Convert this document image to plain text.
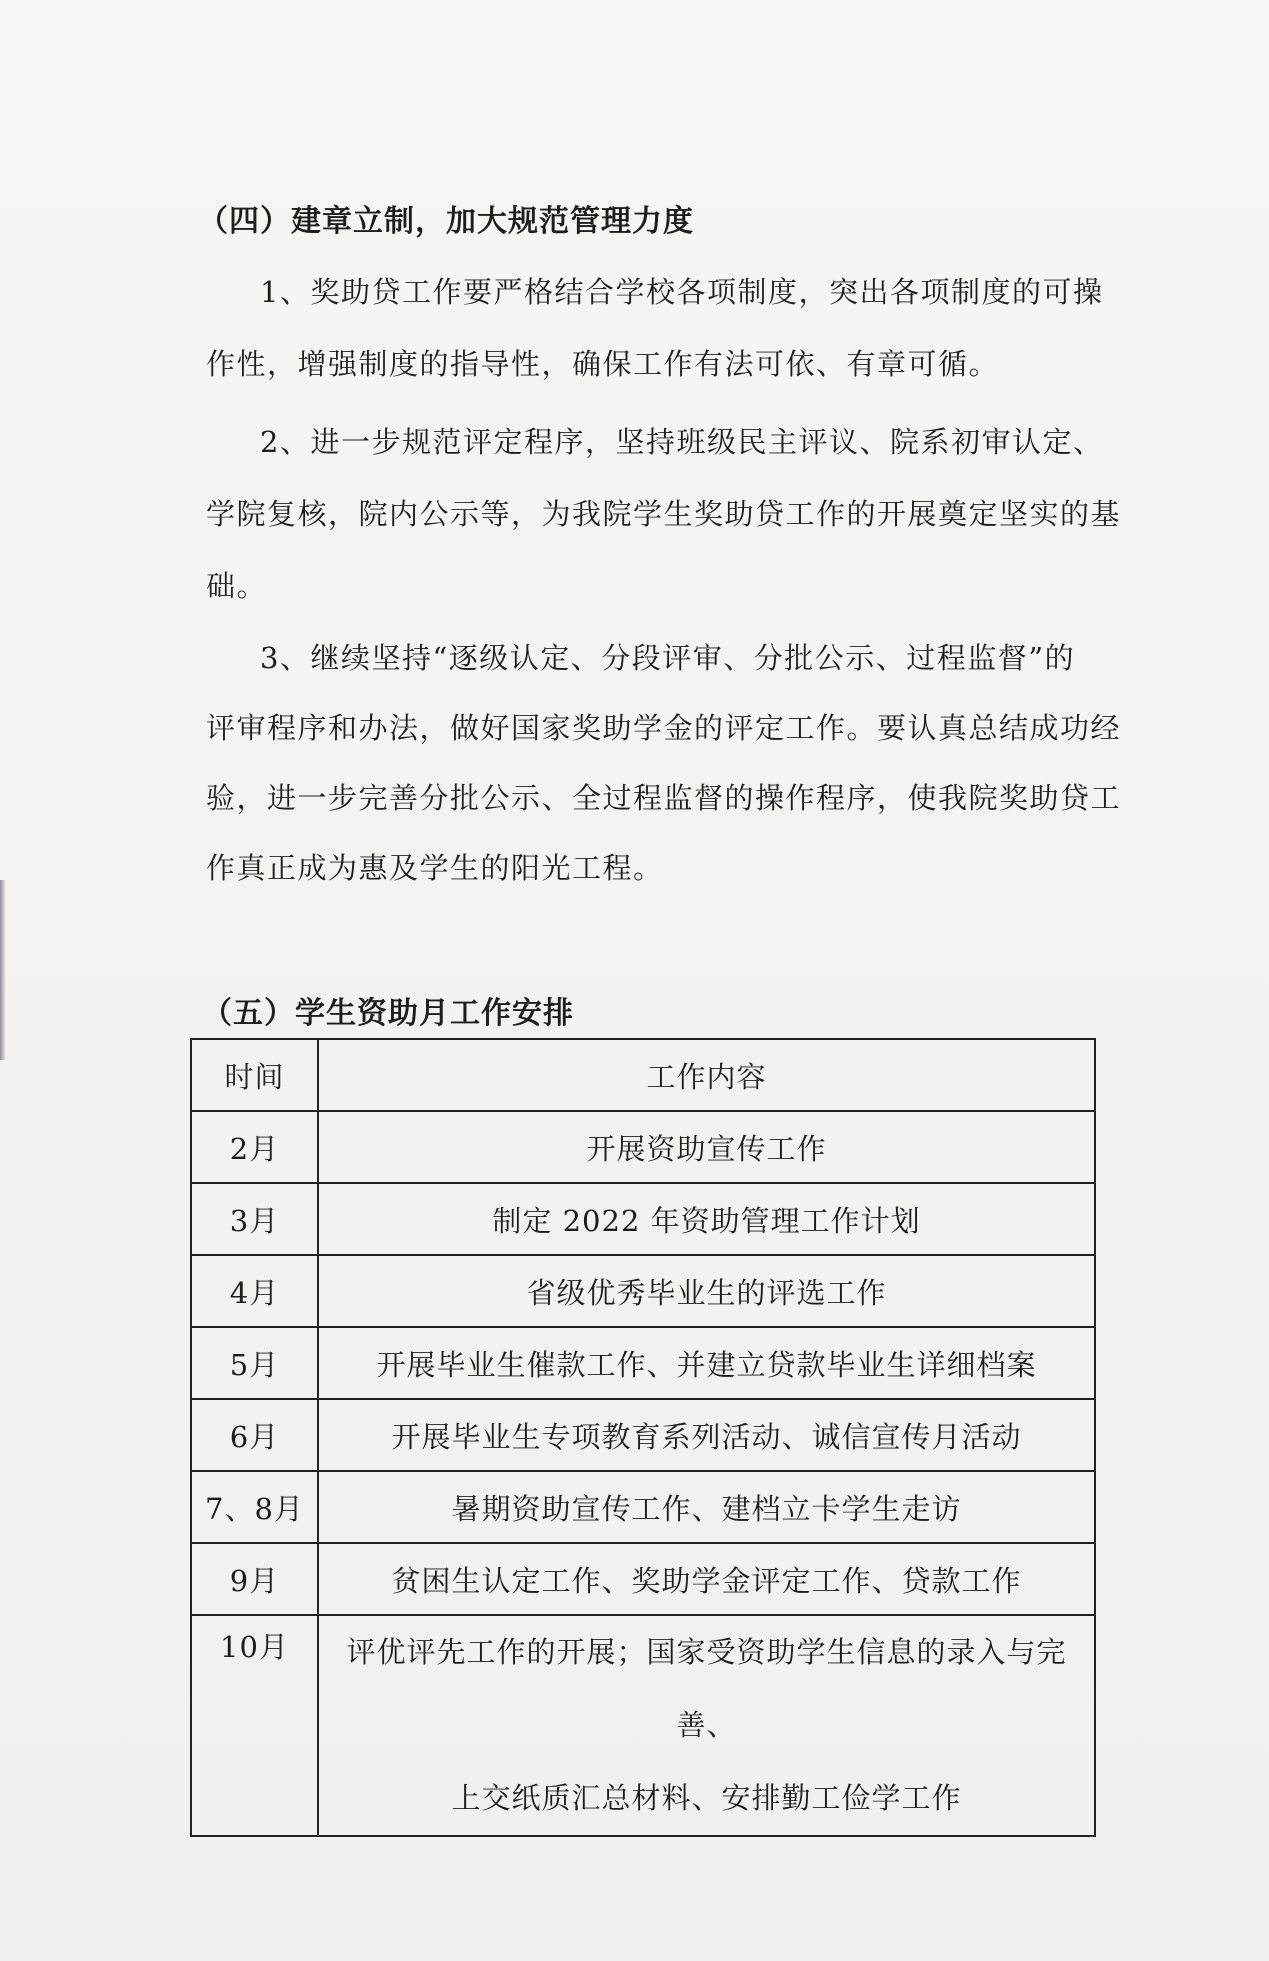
（四）建章立制，加大规范管理力度
1、奖助贷工作要严格结合学校各项制度，突出各项制度的可操
作性，增强制度的指导性，确保工作有法可依、有章可循。
2、进一步规范评定程序，坚持班级民主评议、院系初审认定、
学院复核，院内公示等，为我院学生奖助贷工作的开展奠定坚实的基
础。
3、继续坚持“逐级认定、分段评审、分批公示、过程监督”的
评审程序和办法，做好国家奖助学金的评定工作。要认真总结成功经
验，进一步完善分批公示、全过程监督的操作程序，使我院奖助贷工
作真正成为惠及学生的阳光工程。
（五）学生资助月工作安排
时间	工作内容
2月	开展资助宣传工作
3月	制定 2022 年资助管理工作计划
4月	省级优秀毕业生的评选工作
5月	开展毕业生催款工作、并建立贷款毕业生详细档案
6月	开展毕业生专项教育系列活动、诚信宣传月活动
7、8月	暑期资助宣传工作、建档立卡学生走访
9月	贫困生认定工作、奖助学金评定工作、贷款工作
10月	评优评先工作的开展；国家受资助学生信息的录入与完善、
上交纸质汇总材料、安排勤工俭学工作
